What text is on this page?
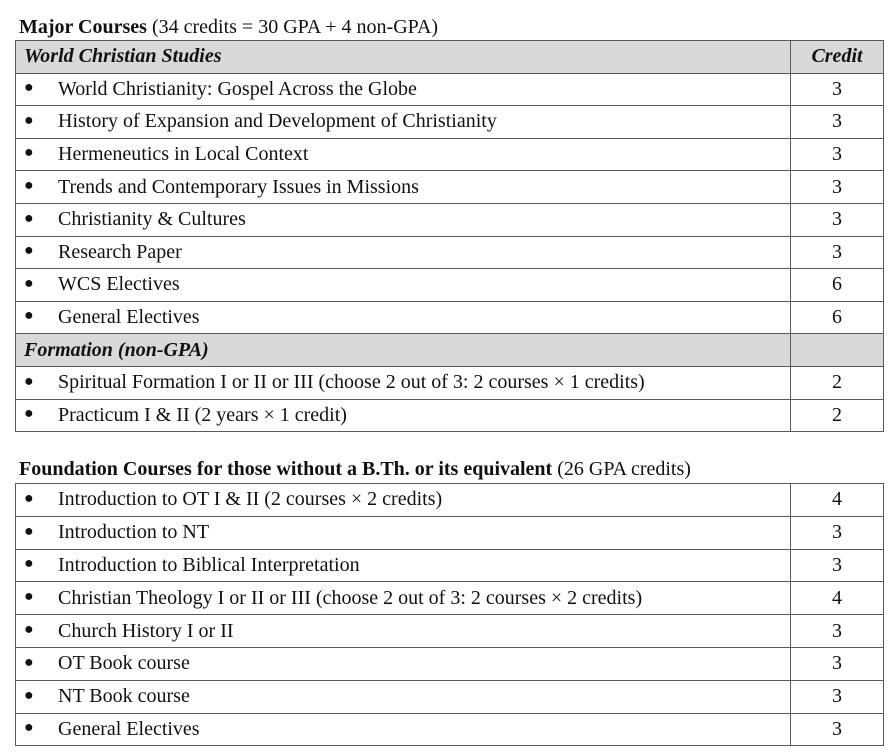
Major Courses (34 credits = 30 GPA + 4 non-GPA)
World Christian Studies	Credit
● World Christianity: Gospel Across the Globe	3
● History of Expansion and Development of Christianity	3
● Hermeneutics in Local Context	3
● Trends and Contemporary Issues in Missions	3
● Christianity & Cultures	3
● Research Paper	3
● WCS Electives	6
● General Electives	6
Formation (non-GPA)	
● Spiritual Formation I or II or III (choose 2 out of 3: 2 courses × 1 credits)	2
● Practicum I & II (2 years × 1 credit)	2
Foundation Courses for those without a B.Th. or its equivalent (26 GPA credits)
● Introduction to OT I & II (2 courses × 2 credits)	4
● Introduction to NT	3
● Introduction to Biblical Interpretation	3
● Christian Theology I or II or III (choose 2 out of 3: 2 courses × 2 credits)	4
● Church History I or II	3
● OT Book course	3
● NT Book course	3
● General Electives	3
